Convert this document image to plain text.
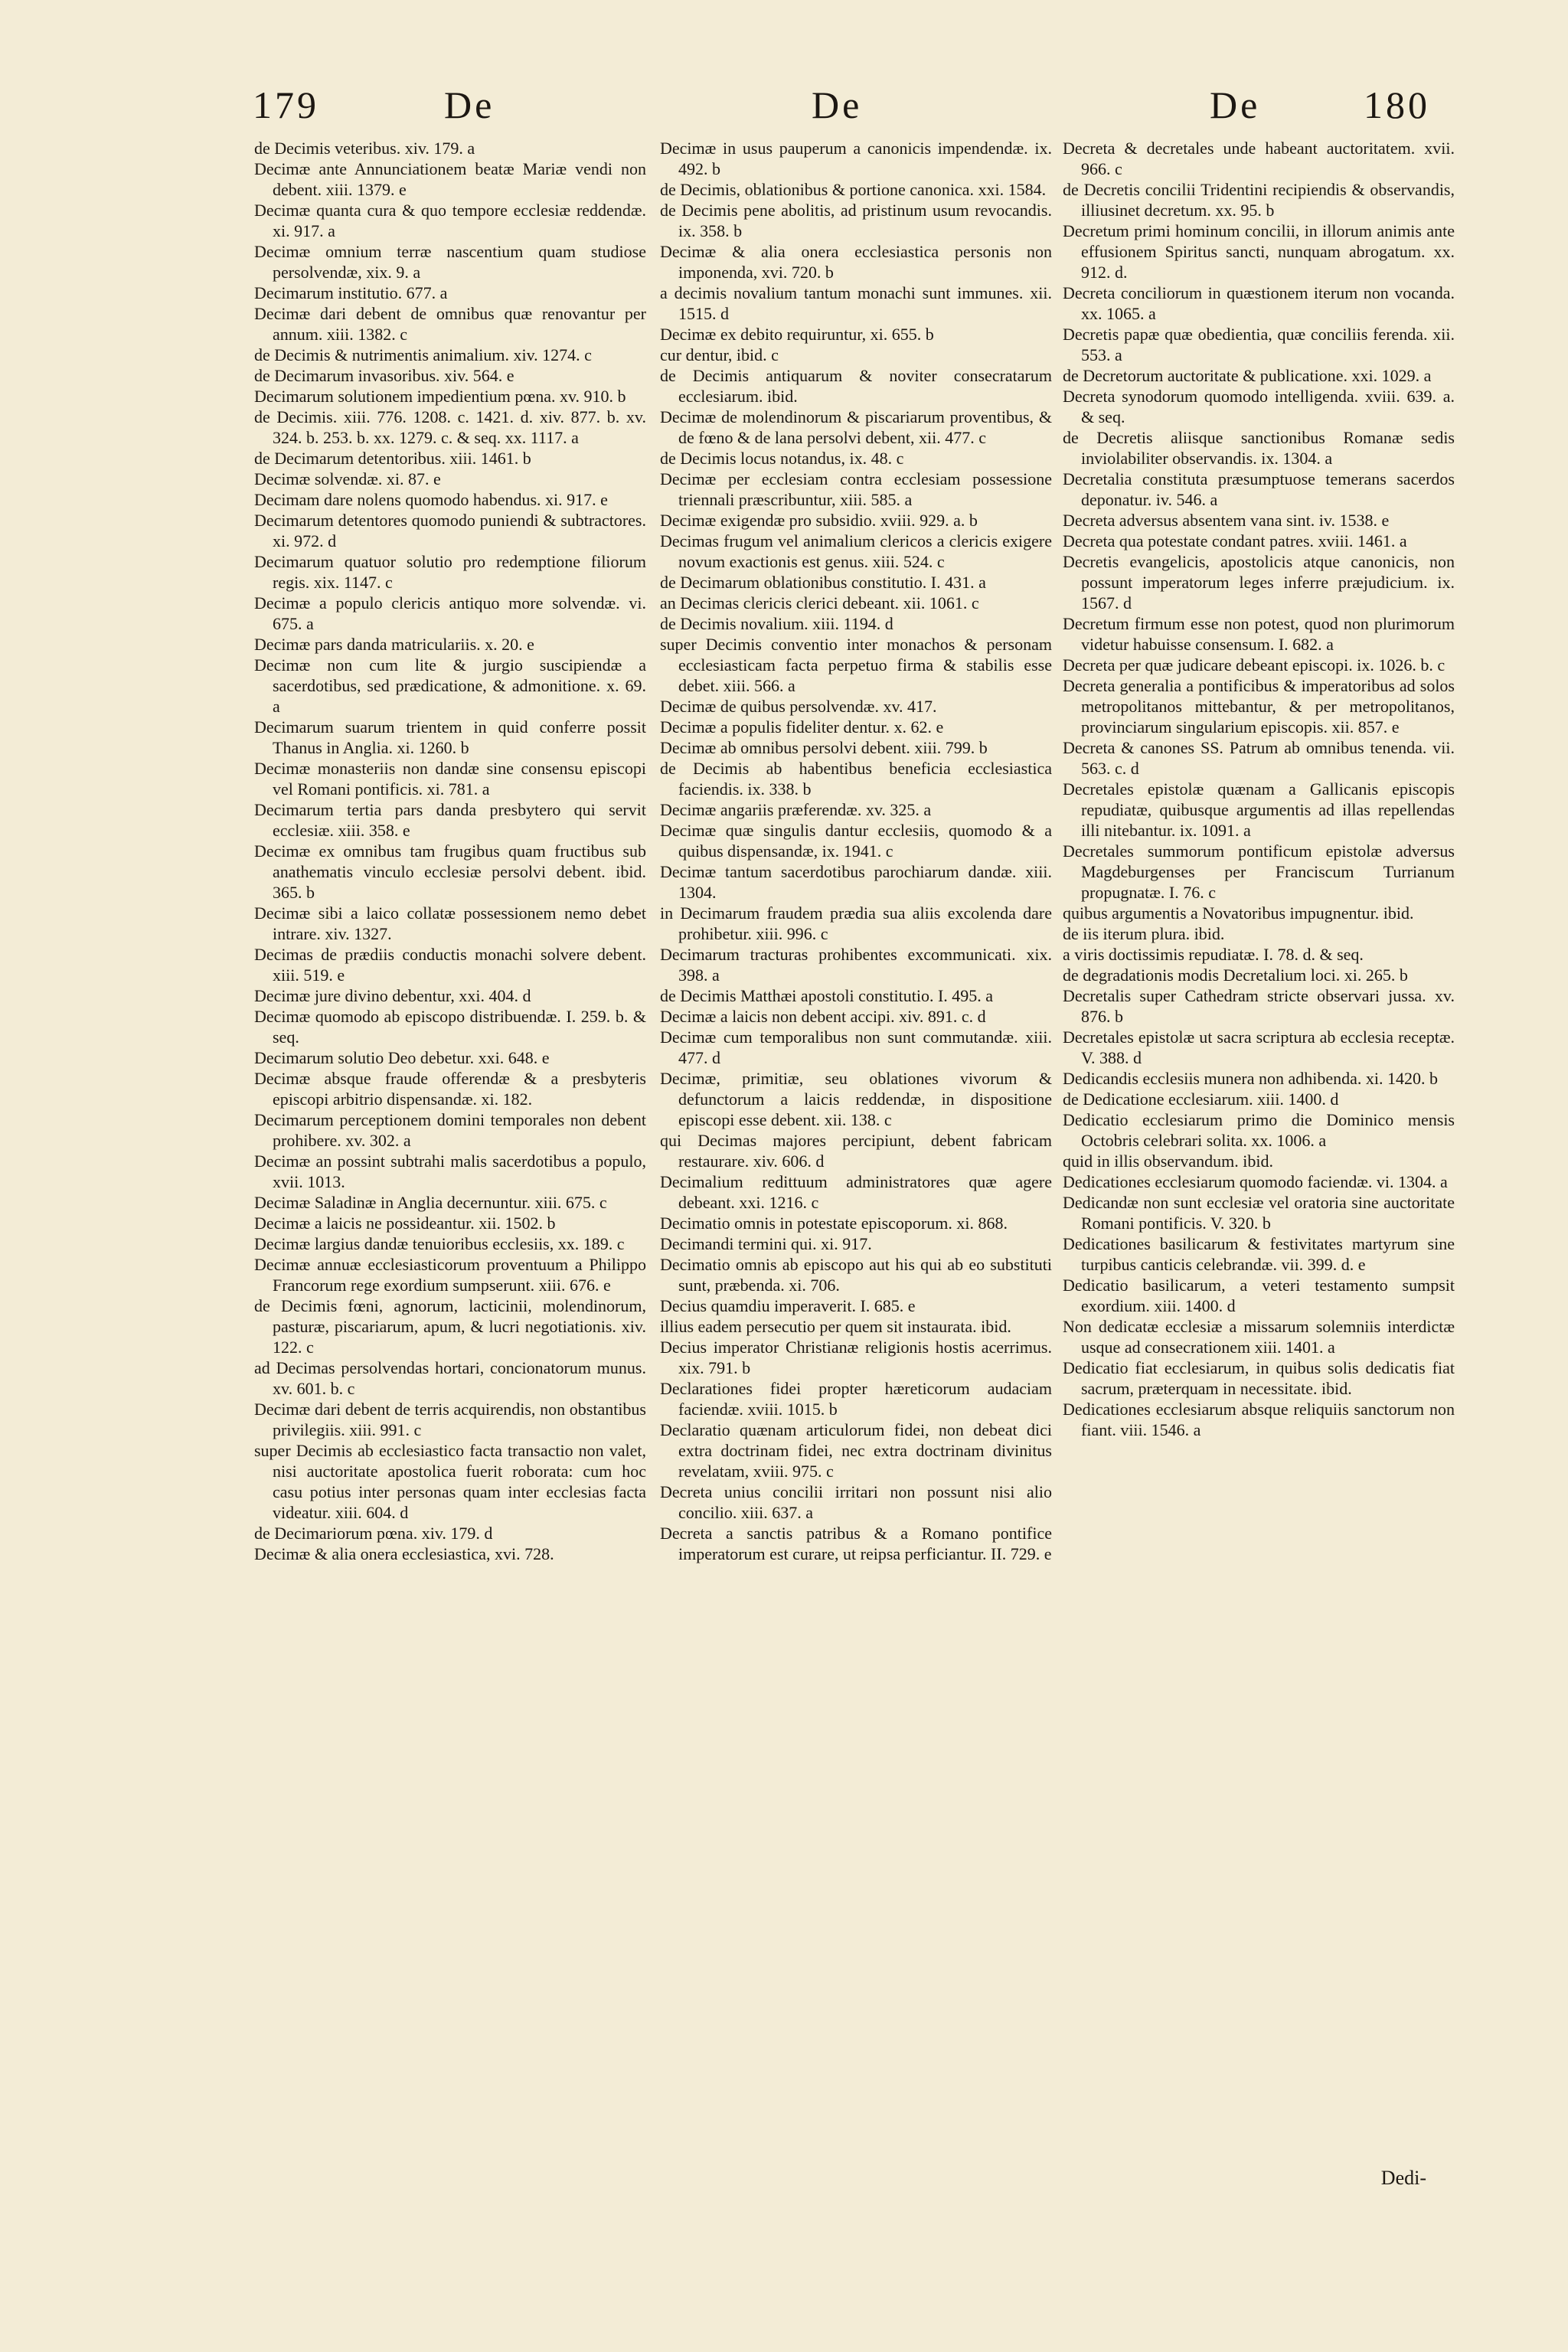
179	De	De	De	180

de Decimis veteribus. xiv. 179. a

Decimæ ante Annunciationem beatæ Mariæ vendi non debent. xiii. 1379. e

Decimæ quanta cura & quo tempore ecclesiæ reddendæ. xi. 917. a

Decimæ omnium terræ nascentium quam studiose persolvendæ, xix. 9. a

Decimarum institutio. 677. a

Decimæ dari debent de omnibus quæ renovantur per annum. xiii. 1382. c

de Decimis & nutrimentis animalium. xiv. 1274. c

de Decimarum invasoribus. xiv. 564. e

Decimarum solutionem impedientium pœna. xv. 910. b

de Decimis. xiii. 776. 1208. c. 1421. d. xiv. 877. b. xv. 324. b. 253. b. xx. 1279. c. & seq. xx. 1117. a

de Decimarum detentoribus. xiii. 1461. b

Decimæ solvendæ. xi. 87. e

Decimam dare nolens quomodo habendus. xi. 917. e

Decimarum detentores quomodo puniendi & subtractores. xi. 972. d

Decimarum quatuor solutio pro redemptione filiorum regis. xix. 1147. c

Decimæ a populo clericis antiquo more solvendæ. vi. 675. a

Decimæ pars danda matriculariis. x. 20. e

Decimæ non cum lite & jurgio suscipiendæ a sacerdotibus, sed prædicatione, & admonitione. x. 69. a

Decimarum suarum trientem in quid conferre possit Thanus in Anglia. xi. 1260. b

Decimæ monasteriis non dandæ sine consensu episcopi vel Romani pontificis. xi. 781. a

Decimarum tertia pars danda presbytero qui servit ecclesiæ. xiii. 358. e

Decimæ ex omnibus tam frugibus quam fructibus sub anathematis vinculo ecclesiæ persolvi debent. ibid. 365. b

Decimæ sibi a laico collatæ possessionem nemo debet intrare. xiv. 1327.

Decimas de prædiis conductis monachi solvere debent. xiii. 519. e

Decimæ jure divino debentur, xxi. 404. d

Decimæ quomodo ab episcopo distribuendæ. I. 259. b. & seq.

Decimarum solutio Deo debetur. xxi. 648. e

Decimæ absque fraude offerendæ & a presbyteris episcopi arbitrio dispensandæ. xi. 182.

Decimarum perceptionem domini temporales non debent prohibere. xv. 302. a

Decimæ an possint subtrahi malis sacerdotibus a populo, xvii. 1013.

Decimæ Saladinæ in Anglia decernuntur. xiii. 675. c

Decimæ a laicis ne possideantur. xii. 1502. b

Decimæ largius dandæ tenuioribus ecclesiis, xx. 189. c

Decimæ annuæ ecclesiasticorum proventuum a Philippo Francorum rege exordium sumpserunt. xiii. 676. e

de Decimis fœni, agnorum, lacticinii, molendinorum, pasturæ, piscariarum, apum, & lucri negotiationis. xiv. 122. c

ad Decimas persolvendas hortari, concionatorum munus. xv. 601. b. c

Decimæ dari debent de terris acquirendis, non obstantibus privilegiis. xiii. 991. c

super Decimis ab ecclesiastico facta transactio non valet, nisi auctoritate apostolica fuerit roborata: cum hoc casu potius inter personas quam inter ecclesias facta videatur. xiii. 604. d

de Decimariorum pœna. xiv. 179. d

Decimæ & alia onera ecclesiastica, xvi. 728.

Decimæ in usus pauperum a canonicis impendendæ. ix. 492. b

de Decimis, oblationibus & portione canonica. xxi. 1584.

de Decimis pene abolitis, ad pristinum usum revocandis. ix. 358. b

Decimæ & alia onera ecclesiastica personis non imponenda, xvi. 720. b

a decimis novalium tantum monachi sunt immunes. xii. 1515. d

Decimæ ex debito requiruntur, xi. 655. b

cur dentur, ibid. c

de Decimis antiquarum & noviter consecratarum ecclesiarum. ibid.

Decimæ de molendinorum & piscariarum proventibus, & de fœno & de lana persolvi debent, xii. 477. c

de Decimis locus notandus, ix. 48. c

Decimæ per ecclesiam contra ecclesiam possessione triennali præscribuntur, xiii. 585. a

Decimæ exigendæ pro subsidio. xviii. 929. a. b

Decimas frugum vel animalium clericos a clericis exigere novum exactionis est genus. xiii. 524. c

de Decimarum oblationibus constitutio. I. 431. a

an Decimas clericis clerici debeant. xii. 1061. c

de Decimis novalium. xiii. 1194. d

super Decimis conventio inter monachos & personam ecclesiasticam facta perpetuo firma & stabilis esse debet. xiii. 566. a

Decimæ de quibus persolvendæ. xv. 417.

Decimæ a populis fideliter dentur. x. 62. e

Decimæ ab omnibus persolvi debent. xiii. 799. b

de Decimis ab habentibus beneficia ecclesiastica faciendis. ix. 338. b

Decimæ angariis præferendæ. xv. 325. a

Decimæ quæ singulis dantur ecclesiis, quomodo & a quibus dispensandæ, ix. 1941. c

Decimæ tantum sacerdotibus parochiarum dandæ. xiii. 1304.

in Decimarum fraudem prædia sua aliis excolenda dare prohibetur. xiii. 996. c

Decimarum tracturas prohibentes excommunicati. xix. 398. a

de Decimis Matthæi apostoli constitutio. I. 495. a

Decimæ a laicis non debent accipi. xiv. 891. c. d

Decimæ cum temporalibus non sunt commutandæ. xiii. 477. d

Decimæ, primitiæ, seu oblationes vivorum & defunctorum a laicis reddendæ, in dispositione episcopi esse debent. xii. 138. c

qui Decimas majores percipiunt, debent fabricam restaurare. xiv. 606. d

Decimalium redittuum administratores quæ agere debeant. xxi. 1216. c

Decimatio omnis in potestate episcoporum. xi. 868.

Decimandi termini qui. xi. 917.

Decimatio omnis ab episcopo aut his qui ab eo substituti sunt, præbenda. xi. 706.

Decius quamdiu imperaverit. I. 685. e

illius eadem persecutio per quem sit instaurata. ibid.

Decius imperator Christianæ religionis hostis acerrimus. xix. 791. b

Declarationes fidei propter hæreticorum audaciam faciendæ. xviii. 1015. b

Declaratio quænam articulorum fidei, non debeat dici extra doctrinam fidei, nec extra doctrinam divinitus revelatam, xviii. 975. c

Decreta unius concilii irritari non possunt nisi alio concilio. xiii. 637. a

Decreta a sanctis patribus & a Romano pontifice imperatorum est curare, ut reipsa perficiantur. II. 729. e

Decreta & decretales unde habeant auctoritatem. xvii. 966. c

de Decretis concilii Tridentini recipiendis & observandis, illiusinet decretum. xx. 95. b

Decretum primi hominum concilii, in illorum animis ante effusionem Spiritus sancti, nunquam abrogatum. xx. 912. d.

Decreta conciliorum in quæstionem iterum non vocanda. xx. 1065. a

Decretis papæ quæ obedientia, quæ conciliis ferenda. xii. 553. a

de Decretorum auctoritate & publicatione. xxi. 1029. a

Decreta synodorum quomodo intelligenda. xviii. 639. a. & seq.

de Decretis aliisque sanctionibus Romanæ sedis inviolabiliter observandis. ix. 1304. a

Decretalia constituta præsumptuose temerans sacerdos deponatur. iv. 546. a

Decreta adversus absentem vana sint. iv. 1538. e

Decreta qua potestate condant patres. xviii. 1461. a

Decretis evangelicis, apostolicis atque canonicis, non possunt imperatorum leges inferre præjudicium. ix. 1567. d

Decretum firmum esse non potest, quod non plurimorum videtur habuisse consensum. I. 682. a

Decreta per quæ judicare debeant episcopi. ix. 1026. b. c

Decreta generalia a pontificibus & imperatoribus ad solos metropolitanos mittebantur, & per metropolitanos, provinciarum singularium episcopis. xii. 857. e

Decreta & canones SS. Patrum ab omnibus tenenda. vii. 563. c. d

Decretales epistolæ quænam a Gallicanis episcopis repudiatæ, quibusque argumentis ad illas repellendas illi nitebantur. ix. 1091. a

Decretales summorum pontificum epistolæ adversus Magdeburgenses per Franciscum Turrianum propugnatæ. I. 76. c

quibus argumentis a Novatoribus impugnentur. ibid.

de iis iterum plura. ibid.

a viris doctissimis repudiatæ. I. 78. d. & seq.

de degradationis modis Decretalium loci. xi. 265. b

Decretalis super Cathedram stricte observari jussa. xv. 876. b

Decretales epistolæ ut sacra scriptura ab ecclesia receptæ. V. 388. d

Dedicandis ecclesiis munera non adhibenda. xi. 1420. b

de Dedicatione ecclesiarum. xiii. 1400. d

Dedicatio ecclesiarum primo die Dominico mensis Octobris celebrari solita. xx. 1006. a

quid in illis observandum. ibid.

Dedicationes ecclesiarum quomodo faciendæ. vi. 1304. a

Dedicandæ non sunt ecclesiæ vel oratoria sine auctoritate Romani pontificis. V. 320. b

Dedicationes basilicarum & festivitates martyrum sine turpibus canticis celebrandæ. vii. 399. d. e

Dedicatio basilicarum, a veteri testamento sumpsit exordium. xiii. 1400. d

Non dedicatæ ecclesiæ a missarum solemniis interdictæ usque ad consecrationem xiii. 1401. a

Dedicatio fiat ecclesiarum, in quibus solis dedicatis fiat sacrum, præterquam in necessitate. ibid.

Dedicationes ecclesiarum absque reliquiis sanctorum non fiant. viii. 1546. a

Dedi-
